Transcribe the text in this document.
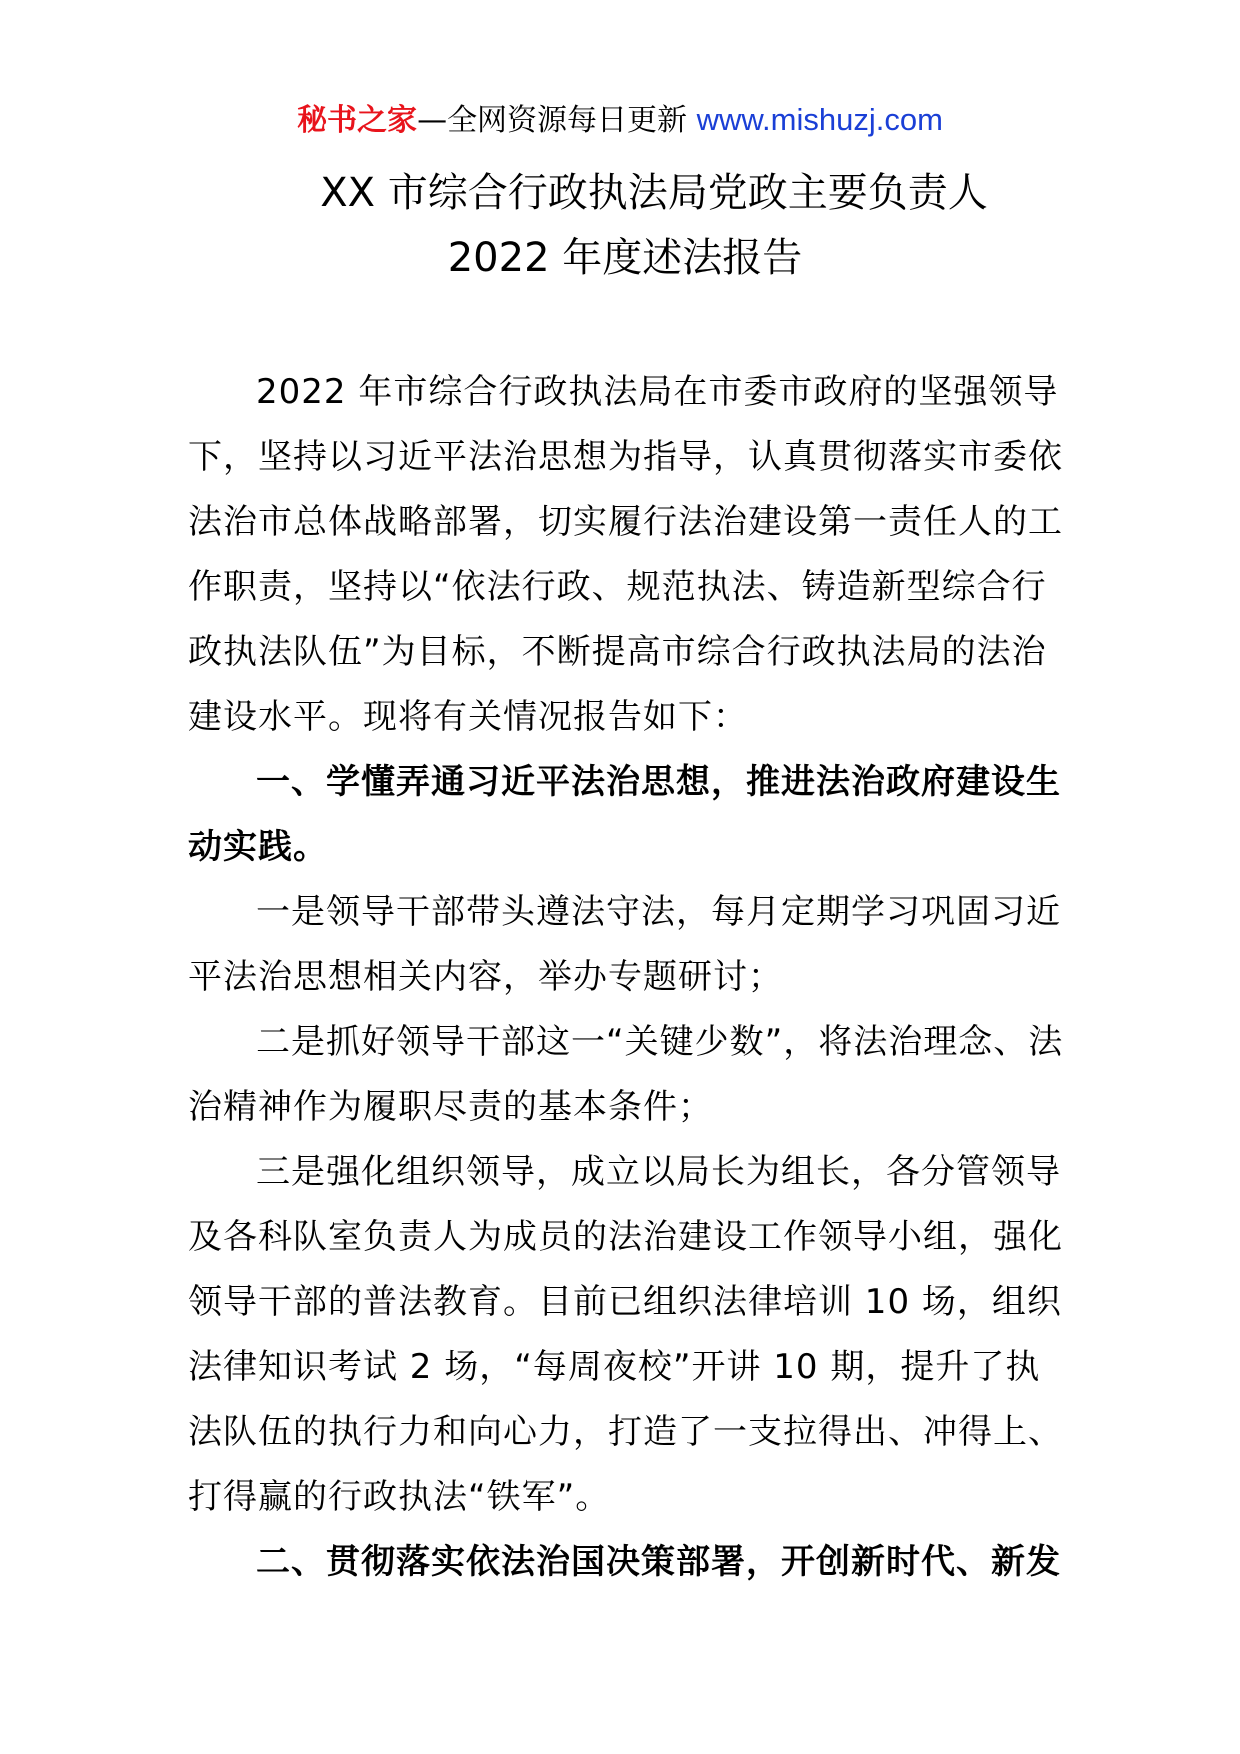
秘书之家—全网资源每日更新 www.mishuzj.com
XX 市综合行政执法局党政主要负责人
2022 年度述法报告

2022 年市综合行政执法局在市委市政府的坚强领导下，坚持以习近平法治思想为指导，认真贯彻落实市委依法治市总体战略部署，切实履行法治建设第一责任人的工作职责，坚持以“依法行政、规范执法、铸造新型综合行政执法队伍”为目标，不断提高市综合行政执法局的法治建设水平。现将有关情况报告如下：

一、学懂弄通习近平法治思想，推进法治政府建设生动实践。

一是领导干部带头遵法守法，每月定期学习巩固习近平法治思想相关内容，举办专题研讨；

二是抓好领导干部这一“关键少数”，将法治理念、法治精神作为履职尽责的基本条件；

三是强化组织领导，成立以局长为组长，各分管领导及各科队室负责人为成员的法治建设工作领导小组，强化领导干部的普法教育。目前已组织法律培训 10 场，组织法律知识考试 2 场，“每周夜校”开讲 10 期，提升了执法队伍的执行力和向心力，打造了一支拉得出、冲得上、打得赢的行政执法“铁军”。

二、贯彻落实依法治国决策部署，开创新时代、新发
